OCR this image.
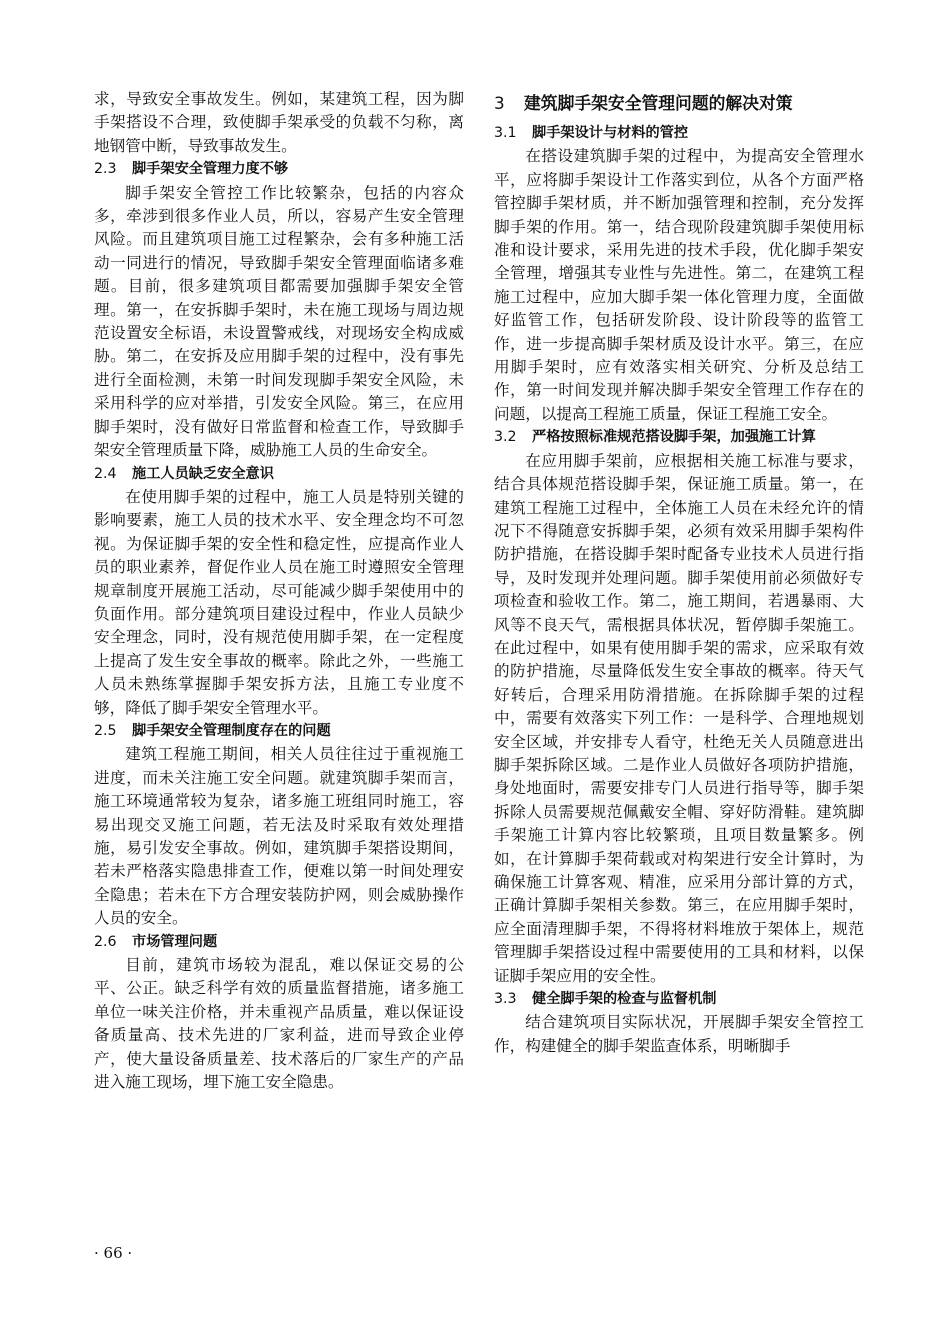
求，导致安全事故发生。例如，某建筑工程，因为脚手架搭设不合理，致使脚手架承受的负载不匀称，离地钢管中断，导致事故发生。

2.3 脚手架安全管理力度不够

脚手架安全管控工作比较繁杂，包括的内容众多，牵涉到很多作业人员，所以，容易产生安全管理风险。而且建筑项目施工过程繁杂，会有多种施工活动一同进行的情况，导致脚手架安全管理面临诸多难题。目前，很多建筑项目都需要加强脚手架安全管理。第一，在安拆脚手架时，未在施工现场与周边规范设置安全标语，未设置警戒线，对现场安全构成威胁。第二，在安拆及应用脚手架的过程中，没有事先进行全面检测，未第一时间发现脚手架安全风险，未采用科学的应对举措，引发安全风险。第三，在应用脚手架时，没有做好日常监督和检查工作，导致脚手架安全管理质量下降，威胁施工人员的生命安全。

2.4 施工人员缺乏安全意识

在使用脚手架的过程中，施工人员是特别关键的影响要素，施工人员的技术水平、安全理念均不可忽视。为保证脚手架的安全性和稳定性，应提高作业人员的职业素养，督促作业人员在施工时遵照安全管理规章制度开展施工活动，尽可能减少脚手架使用中的负面作用。部分建筑项目建设过程中，作业人员缺少安全理念，同时，没有规范使用脚手架，在一定程度上提高了发生安全事故的概率。除此之外，一些施工人员未熟练掌握脚手架安拆方法，且施工专业度不够，降低了脚手架安全管理水平。

2.5 脚手架安全管理制度存在的问题

建筑工程施工期间，相关人员往往过于重视施工进度，而未关注施工安全问题。就建筑脚手架而言，施工环境通常较为复杂，诸多施工班组同时施工，容易出现交叉施工问题，若无法及时采取有效处理措施，易引发安全事故。例如，建筑脚手架搭设期间，若未严格落实隐患排查工作，便难以第一时间处理安全隐患；若未在下方合理安装防护网，则会威胁操作人员的安全。

2.6 市场管理问题

目前，建筑市场较为混乱，难以保证交易的公平、公正。缺乏科学有效的质量监督措施，诸多施工单位一味关注价格，并未重视产品质量，难以保证设备质量高、技术先进的厂家利益，进而导致企业停产，使大量设备质量差、技术落后的厂家生产的产品进入施工现场，埋下施工安全隐患。

3 建筑脚手架安全管理问题的解决对策
3.1 脚手架设计与材料的管控

在搭设建筑脚手架的过程中，为提高安全管理水平，应将脚手架设计工作落实到位，从各个方面严格管控脚手架材质，并不断加强管理和控制，充分发挥脚手架的作用。第一，结合现阶段建筑脚手架使用标准和设计要求，采用先进的技术手段，优化脚手架安全管理，增强其专业性与先进性。第二，在建筑工程施工过程中，应加大脚手架一体化管理力度，全面做好监管工作，包括研发阶段、设计阶段等的监管工作，进一步提高脚手架材质及设计水平。第三，在应用脚手架时，应有效落实相关研究、分析及总结工作，第一时间发现并解决脚手架安全管理工作存在的问题，以提高工程施工质量，保证工程施工安全。

3.2 严格按照标准规范搭设脚手架，加强施工计算

在应用脚手架前，应根据相关施工标准与要求，结合具体规范搭设脚手架，保证施工质量。第一，在建筑工程施工过程中，全体施工人员在未经允许的情况下不得随意安拆脚手架，必须有效采用脚手架构件防护措施，在搭设脚手架时配备专业技术人员进行指导，及时发现并处理问题。脚手架使用前必须做好专项检查和验收工作。第二，施工期间，若遇暴雨、大风等不良天气，需根据具体状况，暂停脚手架施工。在此过程中，如果有使用脚手架的需求，应采取有效的防护措施，尽量降低发生安全事故的概率。待天气好转后，合理采用防滑措施。在拆除脚手架的过程中，需要有效落实下列工作：一是科学、合理地规划安全区域，并安排专人看守，杜绝无关人员随意进出脚手架拆除区域。二是作业人员做好各项防护措施，身处地面时，需要安排专门人员进行指导等，脚手架拆除人员需要规范佩戴安全帽、穿好防滑鞋。建筑脚手架施工计算内容比较繁琐，且项目数量繁多。例如，在计算脚手架荷载或对构架进行安全计算时，为确保施工计算客观、精准，应采用分部计算的方式，正确计算脚手架相关参数。第三，在应用脚手架时，应全面清理脚手架，不得将材料堆放于架体上，规范管理脚手架搭设过程中需要使用的工具和材料，以保证脚手架应用的安全性。

3.3 健全脚手架的检查与监督机制

结合建筑项目实际状况，开展脚手架安全管控工作，构建健全的脚手架监查体系，明晰脚手

· 66 ·
